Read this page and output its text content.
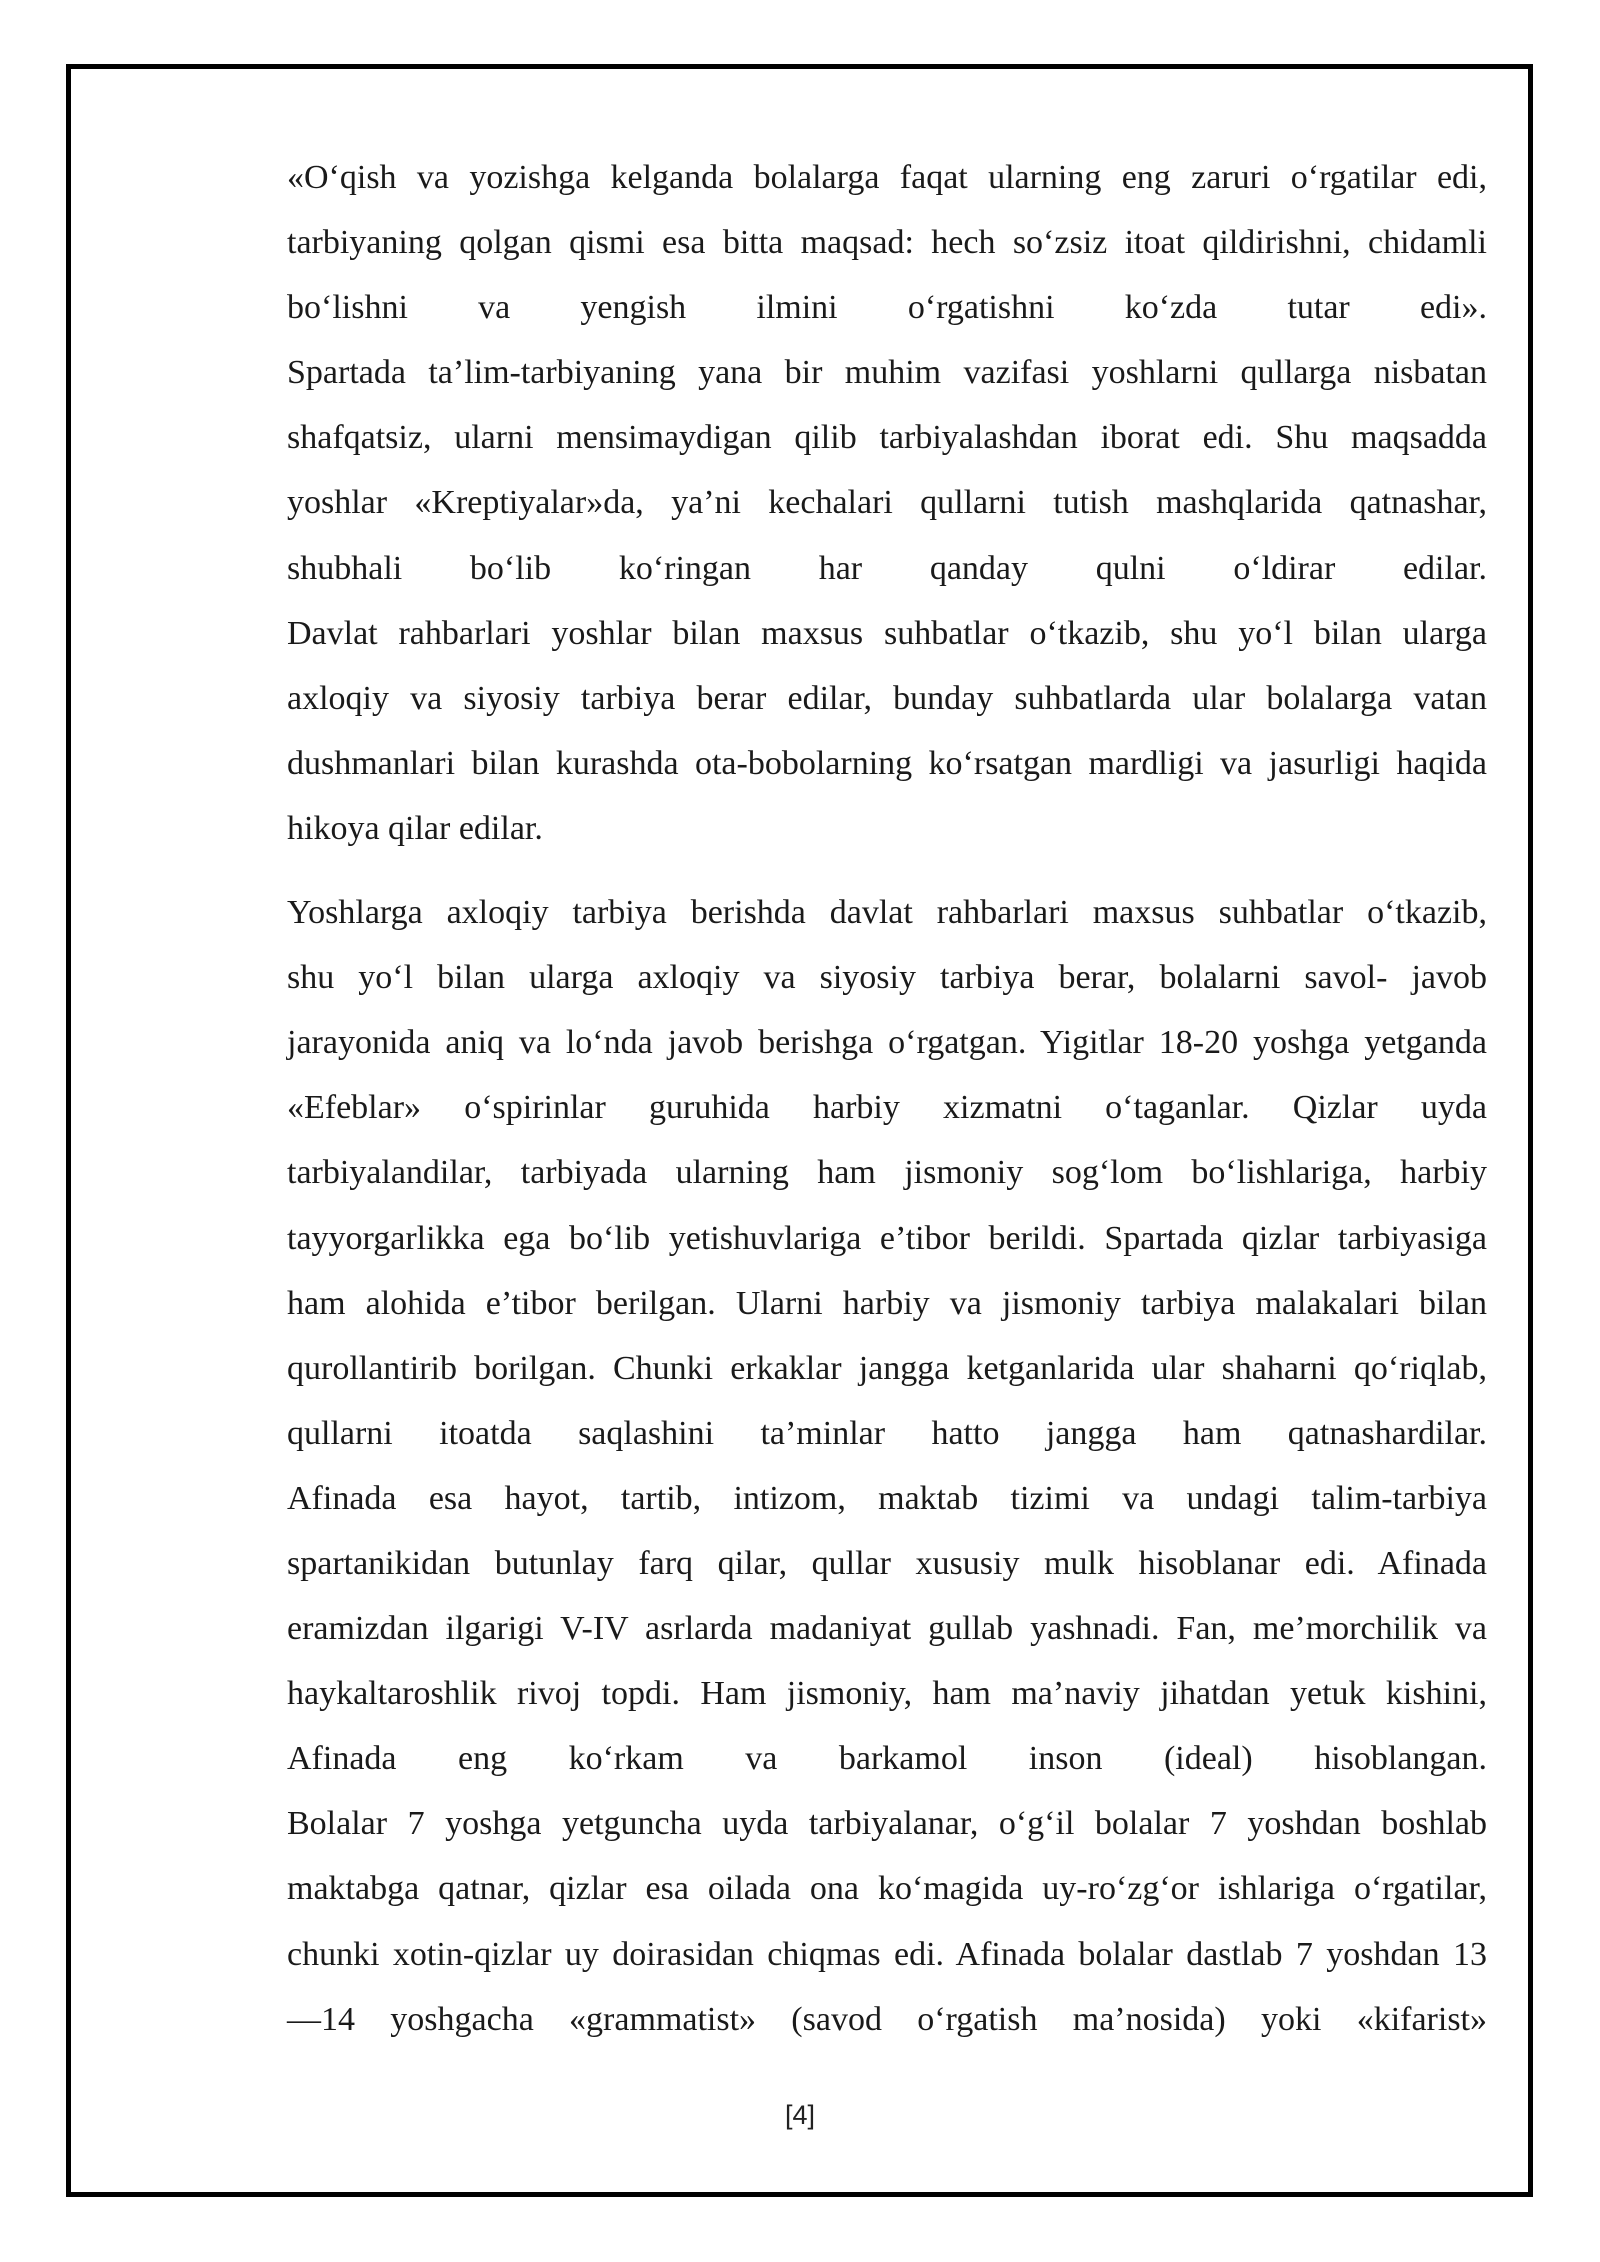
«O‘qish va yozishga kelganda bolalarga faqat ularning eng zaruri o‘rgatilar edi,
tarbiyaning qolgan qismi esa bitta maqsad: hech so‘zsiz itoat qildirishni, chidamli
bo‘lishni va yengish ilmini o‘rgatishni ko‘zda tutar edi».
Spartada ta’lim-tarbiyaning yana bir muhim vazifasi yoshlarni qullarga nisbatan
shafqatsiz, ularni mensimaydigan qilib tarbiyalashdan iborat edi. Shu maqsadda
yoshlar «Kreptiyalar»da, ya’ni kechalari qullarni tutish mashqlarida qatnashar,
shubhali bo‘lib ko‘ringan har qanday qulni o‘ldirar edilar.
Davlat rahbarlari yoshlar bilan maxsus suhbatlar o‘tkazib, shu yo‘l bilan ularga
axloqiy va siyosiy tarbiya berar edilar, bunday suhbatlarda ular bolalarga vatan
dushmanlari bilan kurashda ota-bobolarning ko‘rsatgan mardligi va jasurligi haqida
hikoya qilar edilar.
Yoshlarga axloqiy tarbiya berishda davlat rahbarlari maxsus suhbatlar o‘tkazib,
shu yo‘l bilan ularga axloqiy va siyosiy tarbiya berar, bolalarni savol- javob
jarayonida aniq va lo‘nda javob berishga o‘rgatgan. Yigitlar 18-20 yoshga yetganda
«Efeblar» o‘spirinlar guruhida harbiy xizmatni o‘taganlar. Qizlar uyda
tarbiyalandilar, tarbiyada ularning ham jismoniy sog‘lom bo‘lishlariga, harbiy
tayyorgarlikka ega bo‘lib yetishuvlariga e’tibor berildi. Spartada qizlar tarbiyasiga
ham alohida e’tibor berilgan. Ularni harbiy va jismoniy tarbiya malakalari bilan
qurollantirib borilgan. Chunki erkaklar jangga ketganlarida ular shaharni qo‘riqlab,
qullarni itoatda saqlashini ta’minlar hatto jangga ham qatnashardilar.
Afinada esa hayot, tartib, intizom, maktab tizimi va undagi talim-tarbiya
spartanikidan butunlay farq qilar, qullar xususiy mulk hisoblanar edi. Afinada
eramizdan ilgarigi V-IV asrlarda madaniyat gullab yashnadi. Fan, me’morchilik va
haykaltaroshlik rivoj topdi. Ham jismoniy, ham ma’naviy jihatdan yetuk kishini,
Afinada eng ko‘rkam va barkamol inson (ideal) hisoblangan.
Bolalar 7 yoshga yetguncha uyda tarbiyalanar, o‘g‘il bolalar 7 yoshdan boshlab
maktabga qatnar, qizlar esa oilada ona ko‘magida uy-ro‘zg‘or ishlariga o‘rgatilar,
chunki xotin-qizlar uy doirasidan chiqmas edi. Afinada bolalar dastlab 7 yoshdan 13
—14 yoshgacha «grammatist» (savod o‘rgatish ma’nosida) yoki «kifarist»
[4]
